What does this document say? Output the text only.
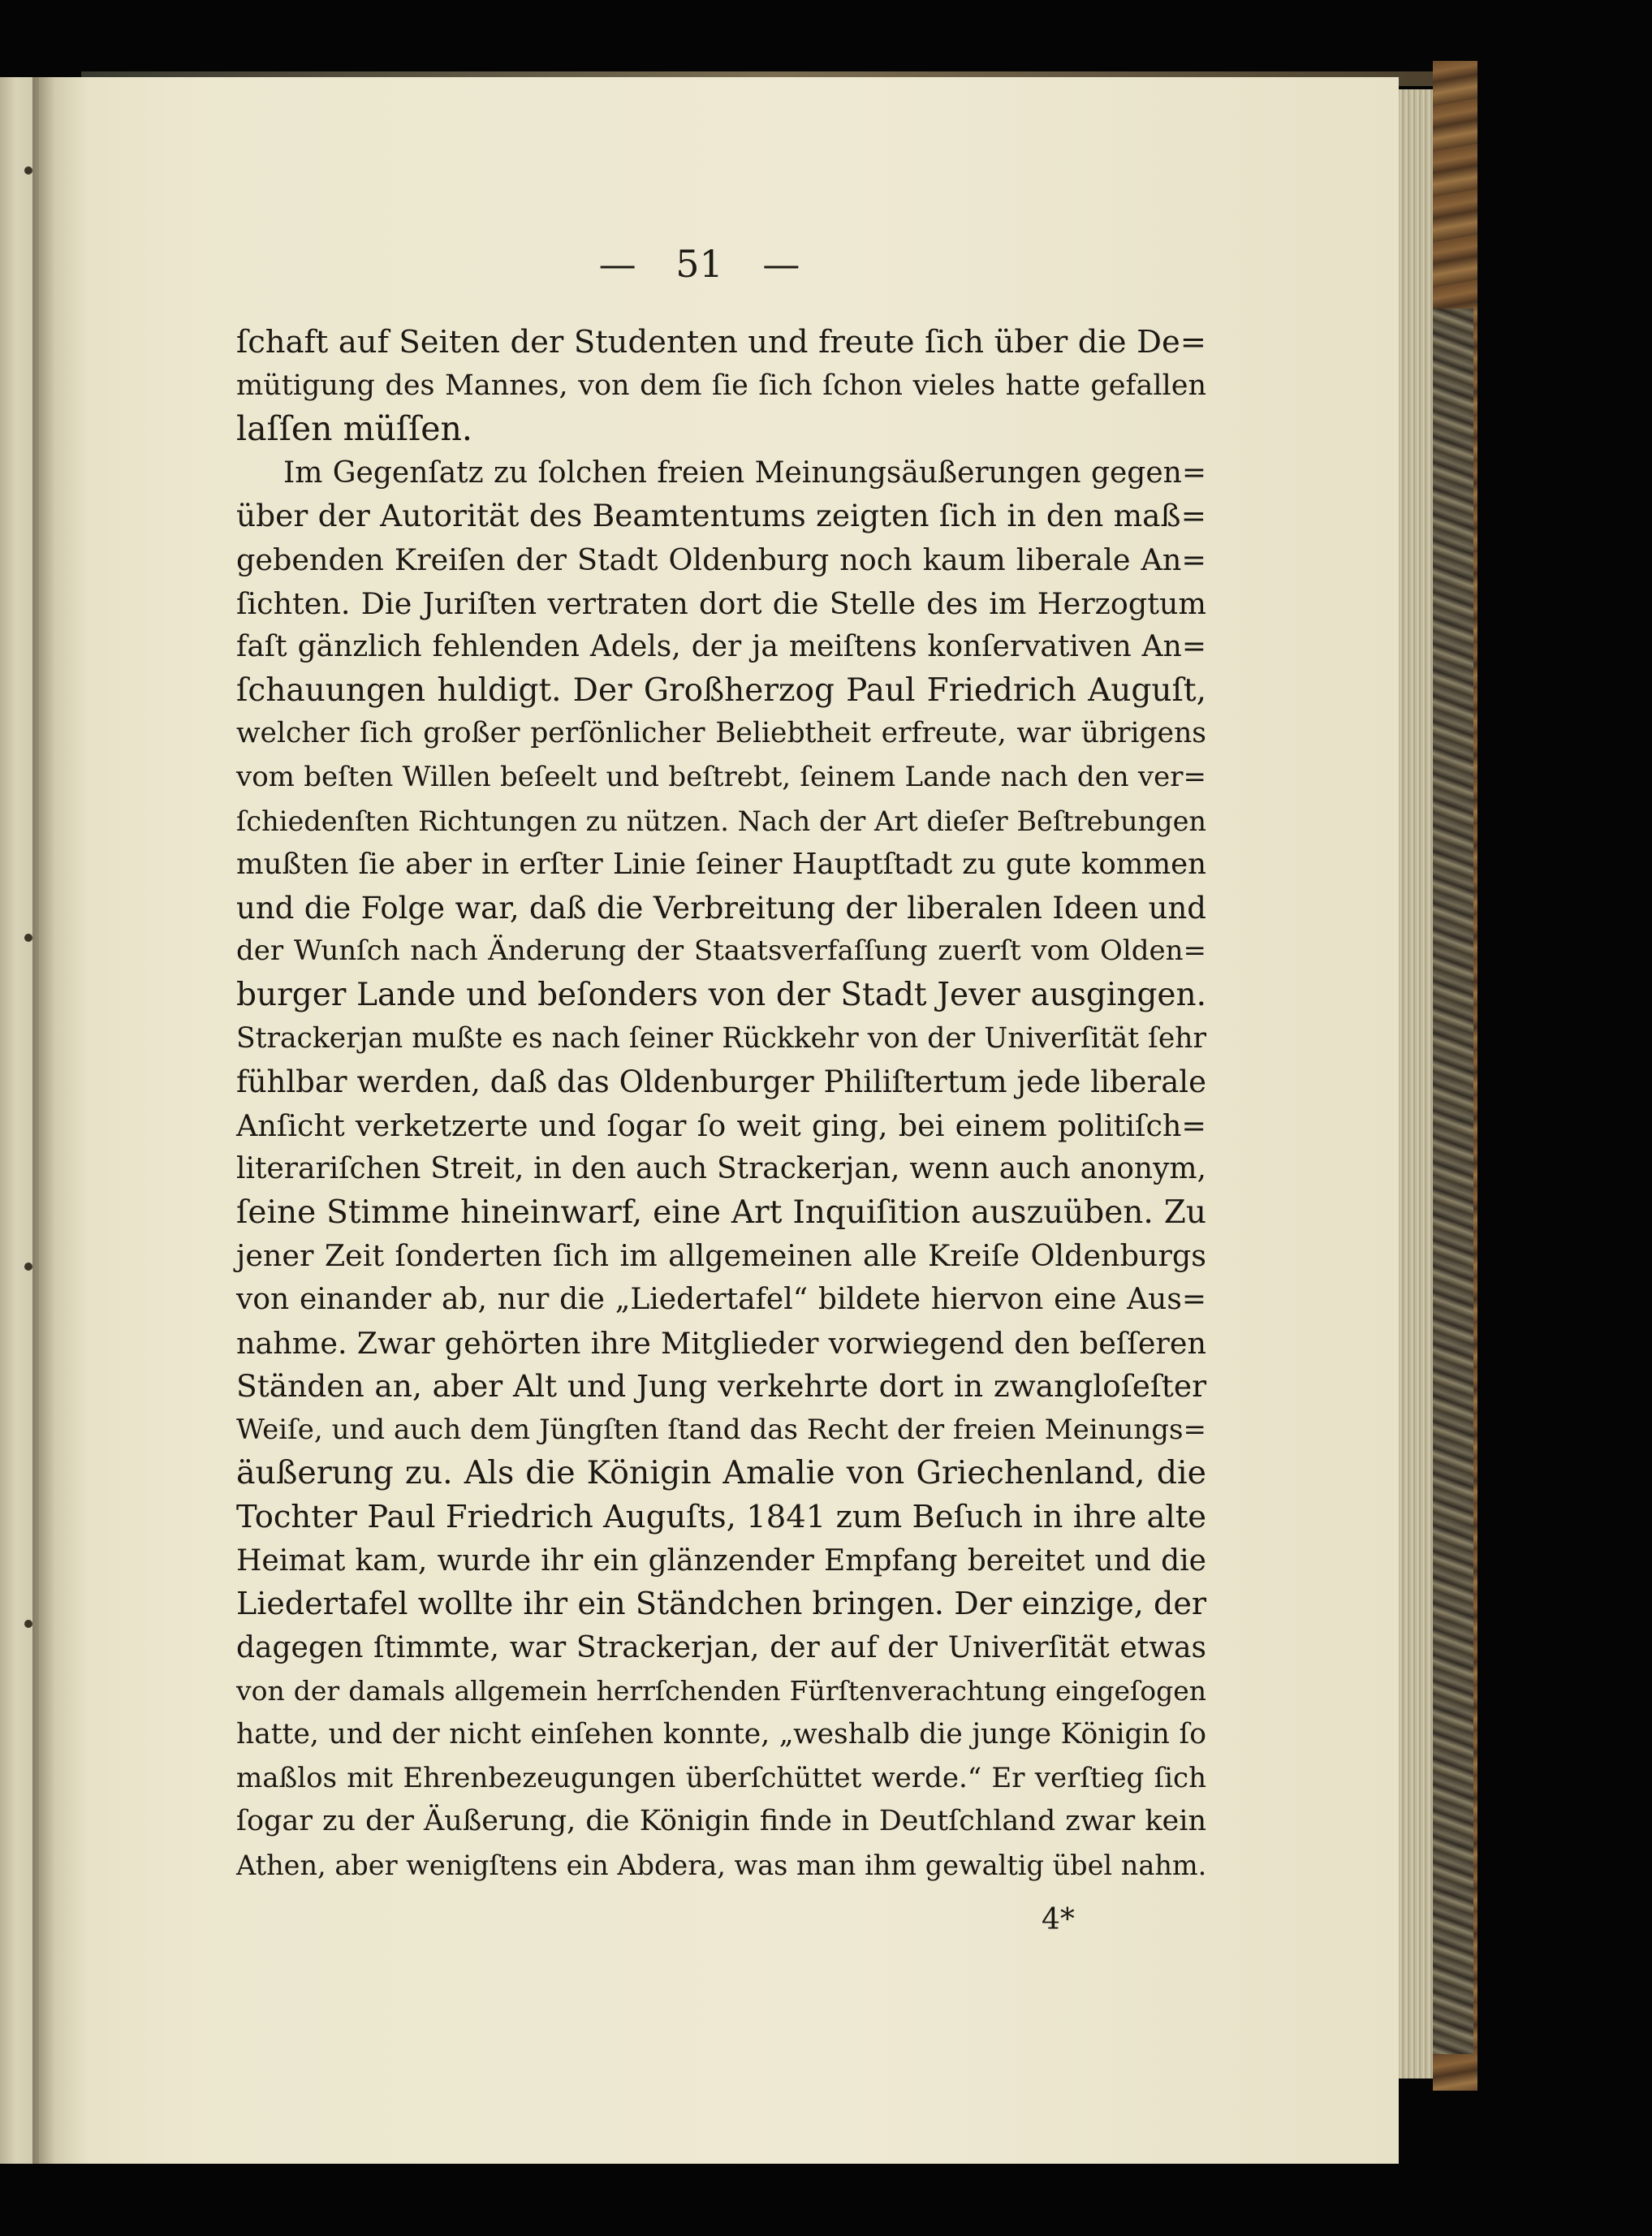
— 51 —
ſchaft auf Seiten der Studenten und freute ſich über die De=
mütigung des Mannes, von dem ſie ſich ſchon vieles hatte gefallen
laſſen müſſen.
Im Gegenſatz zu ſolchen freien Meinungsäußerungen gegen=
über der Autorität des Beamtentums zeigten ſich in den maß=
gebenden Kreiſen der Stadt Oldenburg noch kaum liberale An=
ſichten. Die Juriſten vertraten dort die Stelle des im Herzogtum
faſt gänzlich fehlenden Adels, der ja meiſtens konſervativen An=
ſchauungen huldigt. Der Großherzog Paul Friedrich Auguſt,
welcher ſich großer perſönlicher Beliebtheit erfreute, war übrigens
vom beſten Willen beſeelt und beſtrebt, ſeinem Lande nach den ver=
ſchiedenſten Richtungen zu nützen. Nach der Art dieſer Beſtrebungen
mußten ſie aber in erſter Linie ſeiner Hauptſtadt zu gute kommen
und die Folge war, daß die Verbreitung der liberalen Ideen und
der Wunſch nach Änderung der Staatsverfaſſung zuerſt vom Olden=
burger Lande und beſonders von der Stadt Jever ausgingen.
Strackerjan mußte es nach ſeiner Rückkehr von der Univerſität ſehr
fühlbar werden, daß das Oldenburger Philiſtertum jede liberale
Anſicht verketzerte und ſogar ſo weit ging, bei einem politiſch=
literariſchen Streit, in den auch Strackerjan, wenn auch anonym,
ſeine Stimme hineinwarf, eine Art Inquiſition auszuüben. Zu
jener Zeit ſonderten ſich im allgemeinen alle Kreiſe Oldenburgs
von einander ab, nur die „Liedertafel“ bildete hiervon eine Aus=
nahme. Zwar gehörten ihre Mitglieder vorwiegend den beſſeren
Ständen an, aber Alt und Jung verkehrte dort in zwangloſeſter
Weiſe, und auch dem Jüngſten ſtand das Recht der freien Meinungs=
äußerung zu. Als die Königin Amalie von Griechenland, die
Tochter Paul Friedrich Auguſts, 1841 zum Beſuch in ihre alte
Heimat kam, wurde ihr ein glänzender Empfang bereitet und die
Liedertafel wollte ihr ein Ständchen bringen. Der einzige, der
dagegen ſtimmte, war Strackerjan, der auf der Univerſität etwas
von der damals allgemein herrſchenden Fürſtenverachtung eingeſogen
hatte, und der nicht einſehen konnte, „weshalb die junge Königin ſo
maßlos mit Ehrenbezeugungen überſchüttet werde.“ Er verſtieg ſich
ſogar zu der Äußerung, die Königin finde in Deutſchland zwar kein
Athen, aber wenigſtens ein Abdera, was man ihm gewaltig übel nahm.
4*
